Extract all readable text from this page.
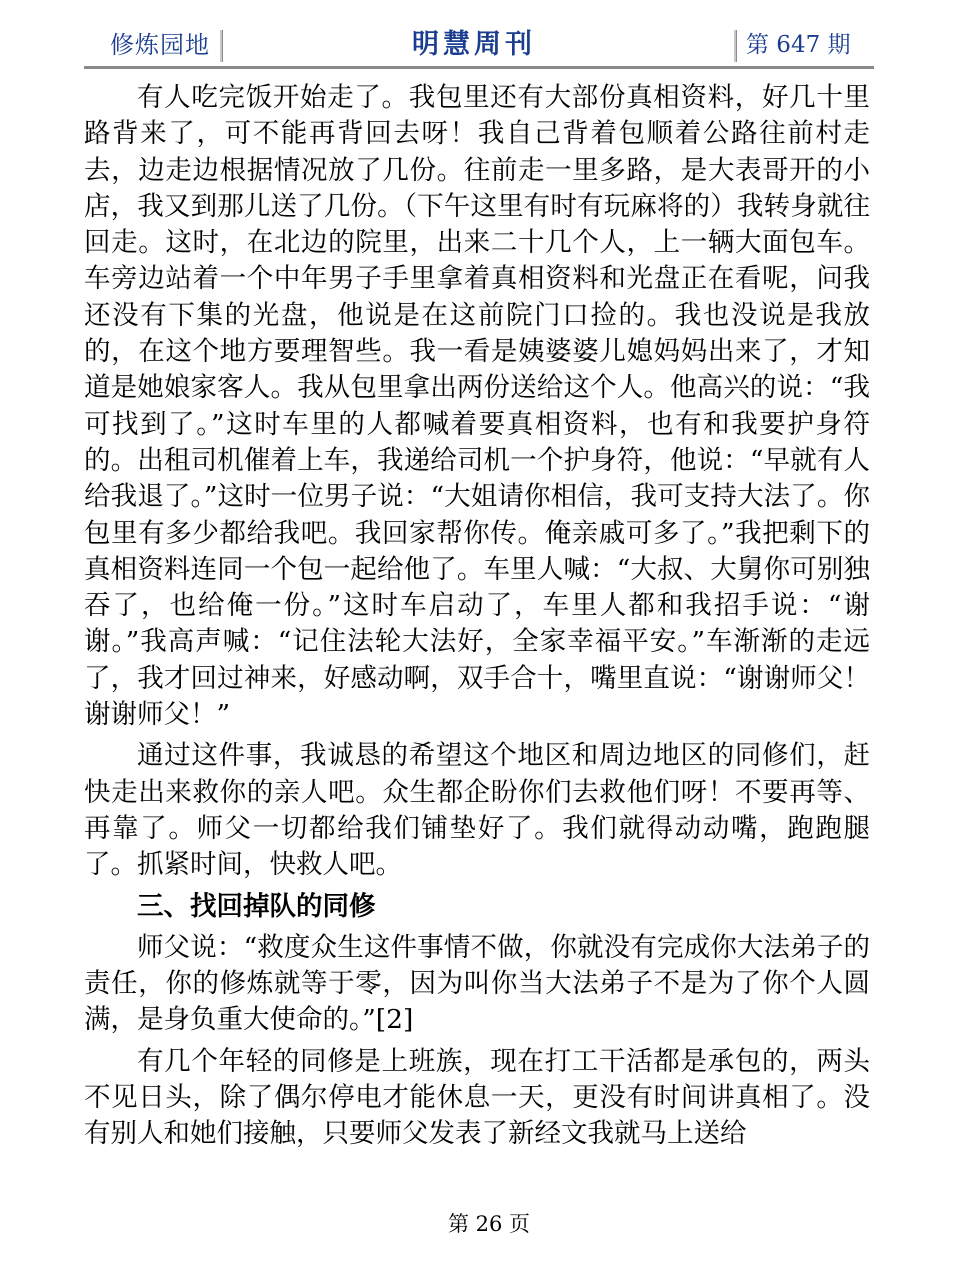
修炼园地	明慧周刊	第 647 期

有人吃完饭开始走了。我包里还有大部份真相资料，好几十里路背来了，可不能再背回去呀！我自己背着包顺着公路往前村走去，边走边根据情况放了几份。往前走一里多路，是大表哥开的小店，我又到那儿送了几份。（下午这里有时有玩麻将的）我转身就往回走。这时，在北边的院里，出来二十几个人，上一辆大面包车。车旁边站着一个中年男子手里拿着真相资料和光盘正在看呢，问我还没有下集的光盘，他说是在这前院门口捡的。我也没说是我放的，在这个地方要理智些。我一看是姨婆婆儿媳妈妈出来了，才知道是她娘家客人。我从包里拿出两份送给这个人。他高兴的说：“我可找到了。”这时车里的人都喊着要真相资料，也有和我要护身符的。出租司机催着上车，我递给司机一个护身符，他说：“早就有人给我退了。”这时一位男子说：“大姐请你相信，我可支持大法了。你包里有多少都给我吧。我回家帮你传。俺亲戚可多了。”我把剩下的真相资料连同一个包一起给他了。车里人喊：“大叔、大舅你可别独吞了，也给俺一份。”这时车启动了，车里人都和我招手说：“谢谢。”我高声喊：“记住法轮大法好，全家幸福平安。”车渐渐的走远了，我才回过神来，好感动啊，双手合十，嘴里直说：“谢谢师父！谢谢师父！”

通过这件事，我诚恳的希望这个地区和周边地区的同修们，赶快走出来救你的亲人吧。众生都企盼你们去救他们呀！不要再等、再靠了。师父一切都给我们铺垫好了。我们就得动动嘴，跑跑腿了。抓紧时间，快救人吧。

三、找回掉队的同修

师父说：“救度众生这件事情不做，你就没有完成你大法弟子的责任，你的修炼就等于零，因为叫你当大法弟子不是为了你个人圆满，是身负重大使命的。”[2]

有几个年轻的同修是上班族，现在打工干活都是承包的，两头不见日头，除了偶尔停电才能休息一天，更没有时间讲真相了。没有别人和她们接触，只要师父发表了新经文我就马上送给

第 26 页
